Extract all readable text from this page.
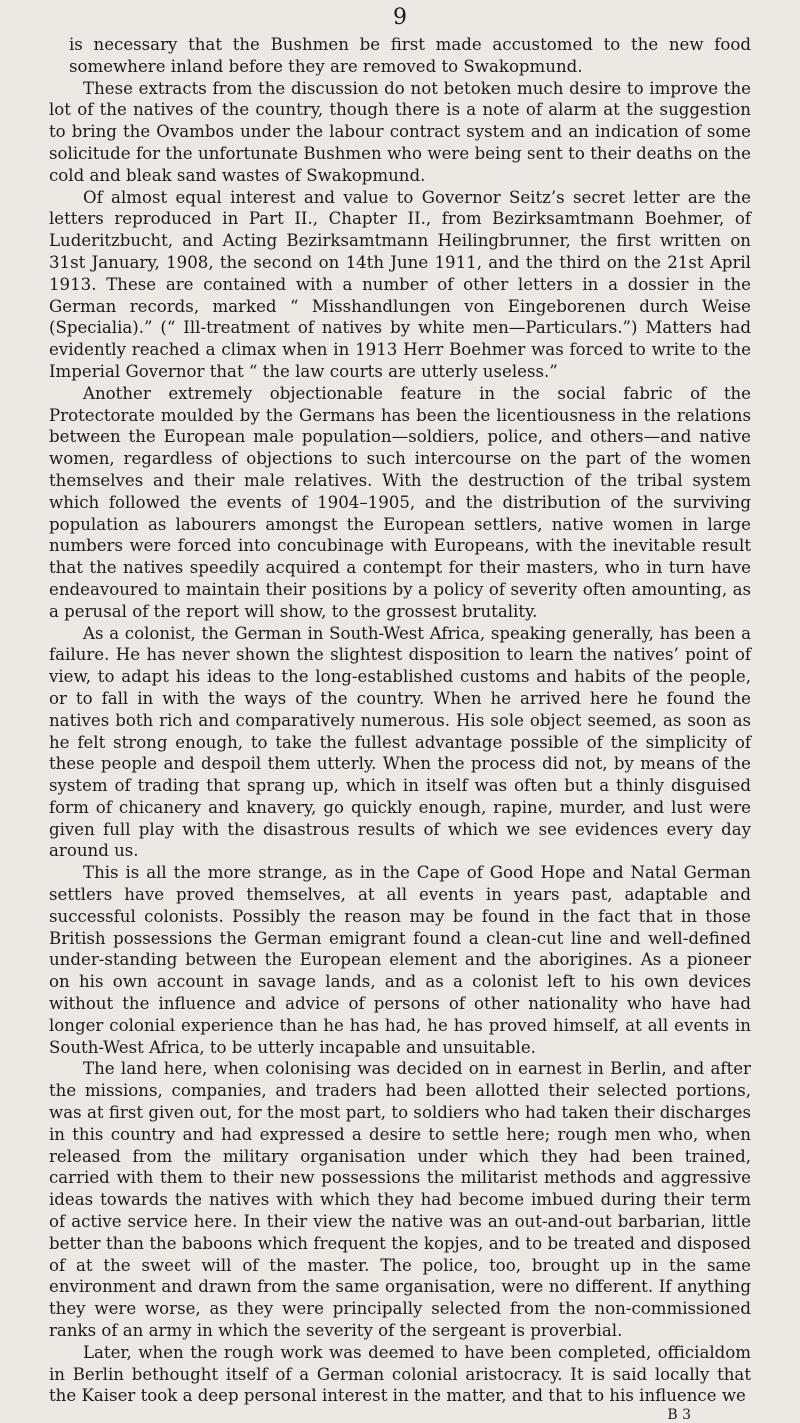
9

is necessary that the Bushmen be first made accustomed to the new food somewhere inland before they are removed to Swakopmund.

These extracts from the discussion do not betoken much desire to improve the lot of the natives of the country, though there is a note of alarm at the suggestion to bring the Ovambos under the labour contract system and an indication of some solicitude for the unfortunate Bushmen who were being sent to their deaths on the cold and bleak sand wastes of Swakopmund.

Of almost equal interest and value to Governor Seitz’s secret letter are the letters reproduced in Part II., Chapter II., from Bezirksamtmann Boehmer, of Luderitzbucht, and Acting Bezirksamtmann Heilingbrunner, the first written on 31st January, 1908, the second on 14th June 1911, and the third on the 21st April 1913. These are contained with a number of other letters in a dossier in the German records, marked “ Misshandlungen von Eingeborenen durch Weise (Specialia).” (“ Ill-treatment of natives by white men—Particulars.”) Matters had evidently reached a climax when in 1913 Herr Boehmer was forced to write to the Imperial Governor that “ the law courts are utterly useless.”

Another extremely objectionable feature in the social fabric of the Protectorate moulded by the Germans has been the licentiousness in the relations between the European male population—soldiers, police, and others—and native women, regardless of objections to such intercourse on the part of the women themselves and their male relatives. With the destruction of the tribal system which followed the events of 1904–1905, and the distribution of the surviving population as labourers amongst the European settlers, native women in large numbers were forced into concubinage with Europeans, with the inevitable result that the natives speedily acquired a contempt for their masters, who in turn have endeavoured to maintain their positions by a policy of severity often amounting, as a perusal of the report will show, to the grossest brutality.

As a colonist, the German in South-West Africa, speaking generally, has been a failure. He has never shown the slightest disposition to learn the natives’ point of view, to adapt his ideas to the long-established customs and habits of the people, or to fall in with the ways of the country. When he arrived here he found the natives both rich and comparatively numerous. His sole object seemed, as soon as he felt strong enough, to take the fullest advantage possible of the simplicity of these people and despoil them utterly. When the process did not, by means of the system of trading that sprang up, which in itself was often but a thinly disguised form of chicanery and knavery, go quickly enough, rapine, murder, and lust were given full play with the disastrous results of which we see evidences every day around us.

This is all the more strange, as in the Cape of Good Hope and Natal German settlers have proved themselves, at all events in years past, adaptable and successful colonists. Possibly the reason may be found in the fact that in those British possessions the German emigrant found a clean-cut line and well-defined under-standing between the European element and the aborigines. As a pioneer on his own account in savage lands, and as a colonist left to his own devices without the influence and advice of persons of other nationality who have had longer colonial experience than he has had, he has proved himself, at all events in South-West Africa, to be utterly incapable and unsuitable.

The land here, when colonising was decided on in earnest in Berlin, and after the missions, companies, and traders had been allotted their selected portions, was at first given out, for the most part, to soldiers who had taken their discharges in this country and had expressed a desire to settle here; rough men who, when released from the military organisation under which they had been trained, carried with them to their new possessions the militarist methods and aggressive ideas towards the natives with which they had become imbued during their term of active service here. In their view the native was an out-and-out barbarian, little better than the baboons which frequent the kopjes, and to be treated and disposed of at the sweet will of the master. The police, too, brought up in the same environment and drawn from the same organisation, were no different. If anything they were worse, as they were principally selected from the non-commissioned ranks of an army in which the severity of the sergeant is proverbial.

Later, when the rough work was deemed to have been completed, officialdom in Berlin bethought itself of a German colonial aristocracy. It is said locally that the Kaiser took a deep personal interest in the matter, and that to his influence we

B 3
